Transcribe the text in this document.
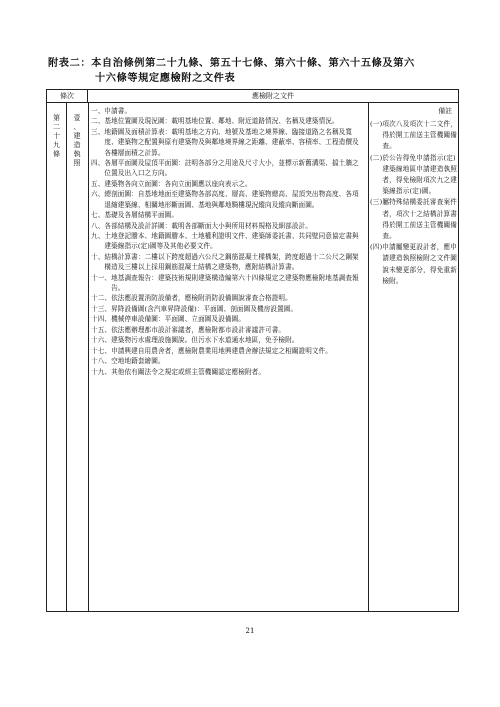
附表二：本自治條例第二十九條、第五十七條、第六十條、第六十五條及第六
十六條等規定應檢附之文件表
條次	應檢附之文件
第
二
十
九
條
壹
、
建
造
執
照
一、 申請書。
二、 基地位置圖及現況圖：載明基地位置、鄰地、附近道路情況、名稱及建築情況。
三、 地籍圖及面積計算表：載明基地之方向、地號及基地之境界線、臨接道路之名稱及寬度、建築物之配置與原有建築物及與鄰地境界線之距離、建蔽率、容積率、工程造價及各樓層面積之計算。
四、 各層平面圖及屋頂平面圖：註明各部分之用途及尺寸大小，並標示新舊溝渠、擋土牆之位置及出入口之方向。
五、 建築物各向立面圖：各向立面圖應以座向表示之。
六、 總剖面圖：自基地地面至建築物各部高度、層高、建築物總高、屋頂突出物高度、各項退縮建築線、相關地形斷面圖、基地與鄰地騎樓現況縱向及縱向斷面圖。
七、 基礎及各層結構平面圖。
八、 各部結構及設計詳圖：載明各部斷面大小與所用材料規格及細部設計。
九、 土地登記謄本、地籍圖謄本、土地權利證明文件、建築師委託書、共同壁同意協定書與建築線指示(定)圖等及其他必要文件。
十、 結構計算書：二樓以下跨度超過六公尺之鋼筋混凝土樑構架，跨度超過十二公尺之鋼架構造及三樓以上採用鋼筋混凝土結構之建築物，應附結構計算書。
十一、 地基調查報告：建築技術規則建築構造編第六十四條規定之建築物應檢附地基調查報告。
十二、 依法應設置消防設備者，應檢附消防設備圖說審查合格證明。
十三、 昇降設備圖(含汽車昇降設備)：平面圖、剖面圖及機房設置圖。
十四、 機械停車設備圖：平面圖、立面圖及設備圖。
十五、 依法應辦理都市設計審議者，應檢附都市設計審議許可書。
十六、 建築物污水處理設施圖說。但污水下水道通水地區，免予檢附。
十七、 申請興建自用農舍者，應檢附農業用地興建農舍辦法規定之相關證明文件。
十八、 空地地籍套繪圖。
十九、 其他依有關法令之規定或經主管機關認定應檢附者。
備註
(一) 項次八及項次十二文件，得於開工前送主管機關備查。
(二) 於公告得免申請指示(定)建築線地區申請建造執照者，得免檢附項次九之建築線指示(定)圖。
(三) 屬特殊結構委託審查案件者，項次十之結構計算書得於開工前送主管機關備查。
(四) 申請屬變更設計者，應申請建造執照檢附之文件圖說未變更部分，得免重新檢附。
21
